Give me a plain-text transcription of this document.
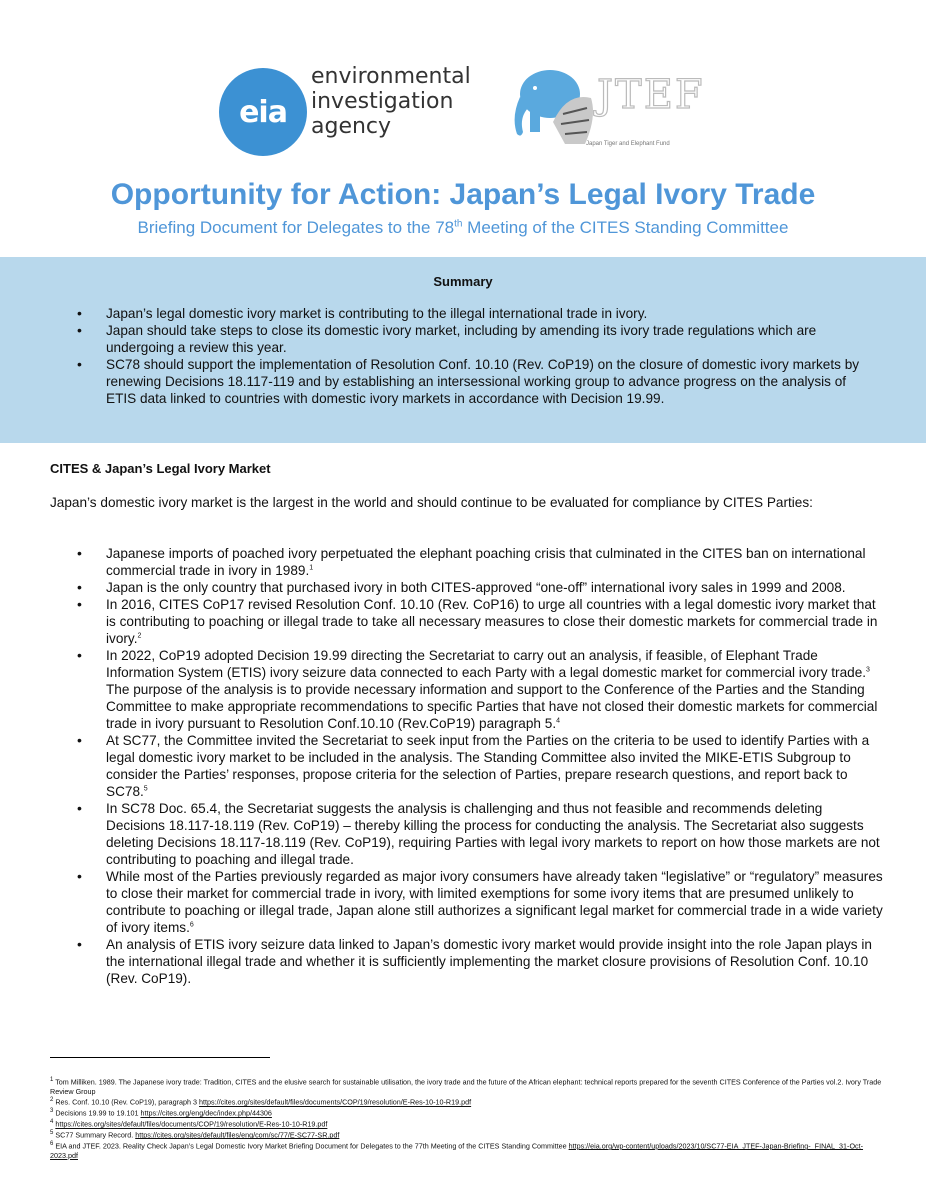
eia
environmental
investigation
agency
JTEF
Japan Tiger and Elephant Fund
Opportunity for Action: Japan’s Legal Ivory Trade
Briefing Document for Delegates to the 78th Meeting of the CITES Standing Committee
Summary
• Japan’s legal domestic ivory market is contributing to the illegal international trade in ivory.
• Japan should take steps to close its domestic ivory market, including by amending its ivory trade regulations which are undergoing a review this year.
• SC78 should support the implementation of Resolution Conf. 10.10 (Rev. CoP19) on the closure of domestic ivory markets by renewing Decisions 18.117-119 and by establishing an intersessional working group to advance progress on the analysis of ETIS data linked to countries with domestic ivory markets in accordance with Decision 19.99.
CITES & Japan’s Legal Ivory Market

Japan’s domestic ivory market is the largest in the world and should continue to be evaluated for compliance by CITES Parties:

• Japanese imports of poached ivory perpetuated the elephant poaching crisis that culminated in the CITES ban on international commercial trade in ivory in 1989.$^1$
• Japan is the only country that purchased ivory in both CITES-approved “one-off” international ivory sales in 1999 and 2008.
• In 2016, CITES CoP17 revised Resolution Conf. 10.10 (Rev. CoP16) to urge all countries with a legal domestic ivory market that is contributing to poaching or illegal trade to take all necessary measures to close their domestic markets for commercial trade in ivory.$^2$
• In 2022, CoP19 adopted Decision 19.99 directing the Secretariat to carry out an analysis, if feasible, of Elephant Trade Information System (ETIS) ivory seizure data connected to each Party with a legal domestic market for commercial ivory trade.$^3$ The purpose of the analysis is to provide necessary information and support to the Conference of the Parties and the Standing Committee to make appropriate recommendations to specific Parties that have not closed their domestic markets for commercial trade in ivory pursuant to Resolution Conf.10.10 (Rev.CoP19) paragraph 5.$^4$
• At SC77, the Committee invited the Secretariat to seek input from the Parties on the criteria to be used to identify Parties with a legal domestic ivory market to be included in the analysis. The Standing Committee also invited the MIKE-ETIS Subgroup to consider the Parties’ responses, propose criteria for the selection of Parties, prepare research questions, and report back to SC78.$^5$
• In SC78 Doc. 65.4, the Secretariat suggests the analysis is challenging and thus not feasible and recommends deleting Decisions 18.117-18.119 (Rev. CoP19) – thereby killing the process for conducting the analysis. The Secretariat also suggests deleting Decisions 18.117-18.119 (Rev. CoP19), requiring Parties with legal ivory markets to report on how those markets are not contributing to poaching and illegal trade.
• While most of the Parties previously regarded as major ivory consumers have already taken “legislative” or “regulatory” measures to close their market for commercial trade in ivory, with limited exemptions for some ivory items that are presumed unlikely to contribute to poaching or illegal trade, Japan alone still authorizes a significant legal market for commercial trade in a wide variety of ivory items.$^6$
• An analysis of ETIS ivory seizure data linked to Japan’s domestic ivory market would provide insight into the role Japan plays in the international illegal trade and whether it is sufficiently implementing the market closure provisions of Resolution Conf. 10.10 (Rev. CoP19).
$^1$ Tom Milliken. 1989. The Japanese ivory trade: Tradition, CITES and the elusive search for sustainable utilisation, the ivory trade and the future of the African elephant: technical reports prepared for the seventh CITES Conference of the Parties vol.2. Ivory Trade Review Group
$^2$ Res. Conf. 10.10 (Rev. CoP19), paragraph 3 https://cites.org/sites/default/files/documents/COP/19/resolution/E-Res-10-10-R19.pdf
$^3$ Decisions 19.99 to 19.101 https://cites.org/eng/dec/index.php/44306
$^4$ https://cites.org/sites/default/files/documents/COP/19/resolution/E-Res-10-10-R19.pdf
$^5$ SC77 Summary Record. https://cites.org/sites/default/files/eng/com/sc/77/E-SC77-SR.pdf
$^6$ EIA and JTEF. 2023. Reality Check Japan’s Legal Domestic Ivory Market Briefing Document for Delegates to the 77th Meeting of the CITES Standing Committee https://eia.org/wp-content/uploads/2023/10/SC77-EIA_JTEF-Japan-Briefing-_FINAL_31-Oct-2023.pdf
